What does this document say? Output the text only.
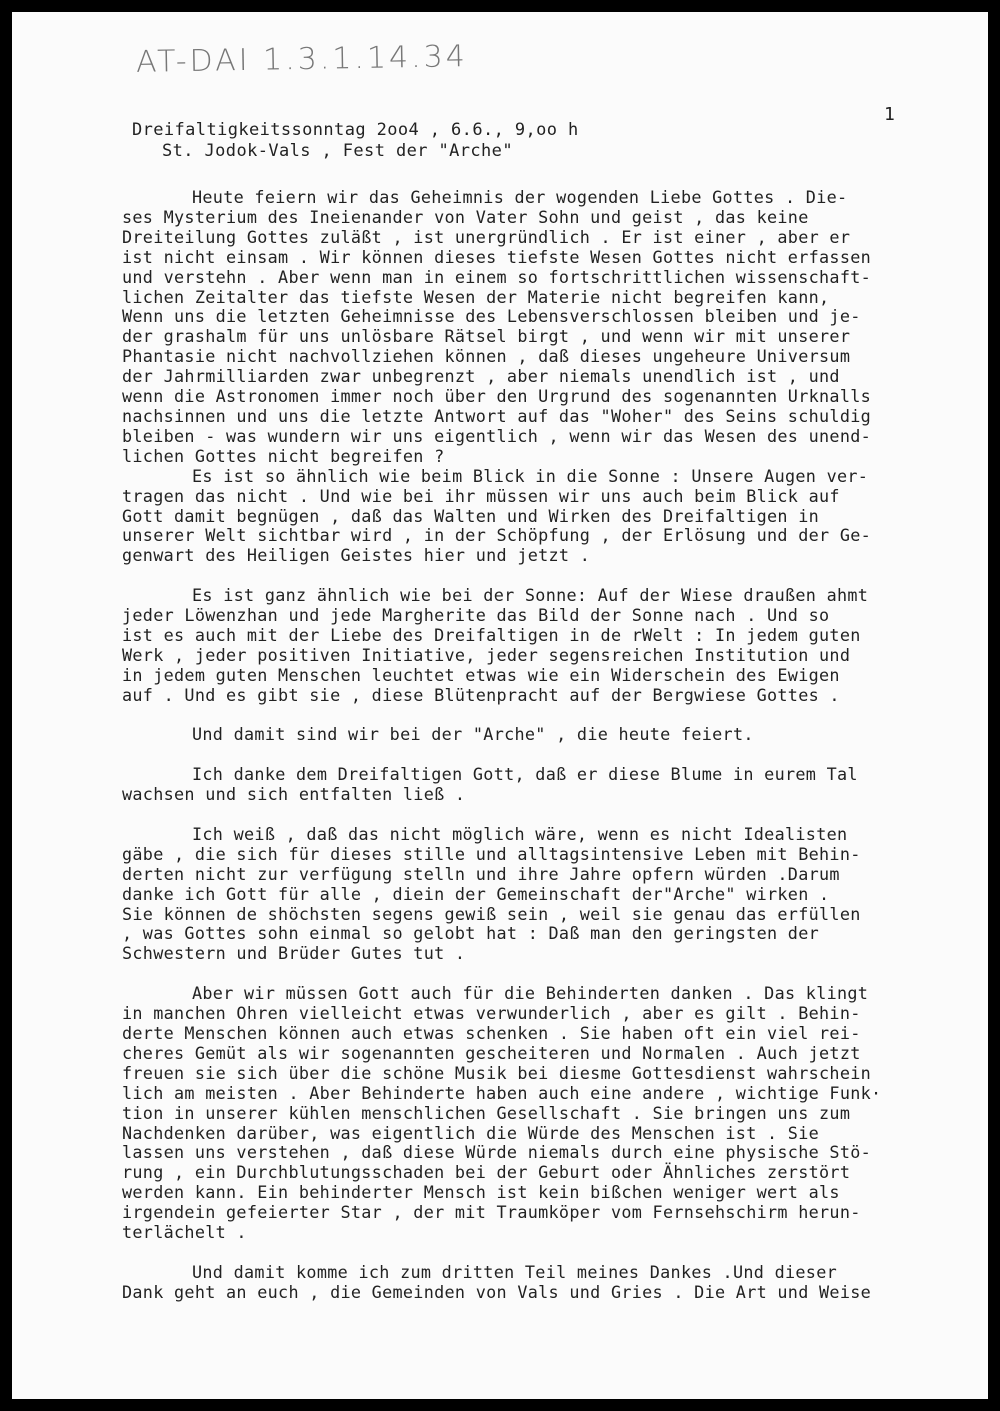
AT-DAI 1.3.1.14.34
1
Dreifaltigkeitssonntag 2oo4 , 6.6., 9,oo h
St. Jodok-Vals , Fest der "Arche"
Heute feiern wir das Geheimnis der wogenden Liebe Gottes . Die-
ses Mysterium des Ineienander von Vater Sohn und geist , das keine
Dreiteilung Gottes zuläßt , ist unergründlich . Er ist einer , aber er
ist nicht einsam . Wir können dieses tiefste Wesen Gottes nicht erfassen
und verstehn . Aber wenn man in einem so fortschrittlichen wissenschaft-
lichen Zeitalter das tiefste Wesen der Materie nicht begreifen kann,
Wenn uns die letzten Geheimnisse des Lebensverschlossen bleiben und je-
der grashalm für uns unlösbare Rätsel birgt , und wenn wir mit unserer
Phantasie nicht nachvollziehen können , daß dieses ungeheure Universum
der Jahrmilliarden zwar unbegrenzt , aber niemals unendlich ist , und
wenn die Astronomen immer noch über den Urgrund des sogenannten Urknalls
nachsinnen und uns die letzte Antwort auf das "Woher" des Seins schuldig
bleiben - was wundern wir uns eigentlich , wenn wir das Wesen des unend-
lichen Gottes nicht begreifen ?
Es ist so ähnlich wie beim Blick in die Sonne : Unsere Augen ver-
tragen das nicht . Und wie bei ihr müssen wir uns auch beim Blick auf
Gott damit begnügen , daß das Walten und Wirken des Dreifaltigen in
unserer Welt sichtbar wird , in der Schöpfung , der Erlösung und der Ge-
genwart des Heiligen Geistes hier und jetzt .
Es ist ganz ähnlich wie bei der Sonne: Auf der Wiese draußen ahmt
jeder Löwenzhan und jede Margherite das Bild der Sonne nach . Und so
ist es auch mit der Liebe des Dreifaltigen in de rWelt : In jedem guten
Werk , jeder positiven Initiative, jeder segensreichen Institution und
in jedem guten Menschen leuchtet etwas wie ein Widerschein des Ewigen
auf . Und es gibt sie , diese Blütenpracht auf der Bergwiese Gottes .
Und damit sind wir bei der "Arche" , die heute feiert.
Ich danke dem Dreifaltigen Gott, daß er diese Blume in eurem Tal
wachsen und sich entfalten ließ .
Ich weiß , daß das nicht möglich wäre, wenn es nicht Idealisten
gäbe , die sich für dieses stille und alltagsintensive Leben mit Behin-
derten nicht zur verfügung stelln und ihre Jahre opfern würden .Darum
danke ich Gott für alle , diein der Gemeinschaft der"Arche" wirken .
Sie können de shöchsten segens gewiß sein , weil sie genau das erfüllen
, was Gottes sohn einmal so gelobt hat : Daß man den geringsten der
Schwestern und Brüder Gutes tut .
Aber wir müssen Gott auch für die Behinderten danken . Das klingt
in manchen Ohren vielleicht etwas verwunderlich , aber es gilt . Behin-
derte Menschen können auch etwas schenken . Sie haben oft ein viel rei-
cheres Gemüt als wir sogenannten gescheiteren und Normalen . Auch jetzt
freuen sie sich über die schöne Musik bei diesme Gottesdienst wahrschein
lich am meisten . Aber Behinderte haben auch eine andere , wichtige Funk·
tion in unserer kühlen menschlichen Gesellschaft . Sie bringen uns zum
Nachdenken darüber, was eigentlich die Würde des Menschen ist . Sie
lassen uns verstehen , daß diese Würde niemals durch eine physische Stö-
rung , ein Durchblutungsschaden bei der Geburt oder Ähnliches zerstört
werden kann. Ein behinderter Mensch ist kein bißchen weniger wert als
irgendein gefeierter Star , der mit Traumköper vom Fernsehschirm herun-
terlächelt .
Und damit komme ich zum dritten Teil meines Dankes .Und dieser
Dank geht an euch , die Gemeinden von Vals und Gries . Die Art und Weise
